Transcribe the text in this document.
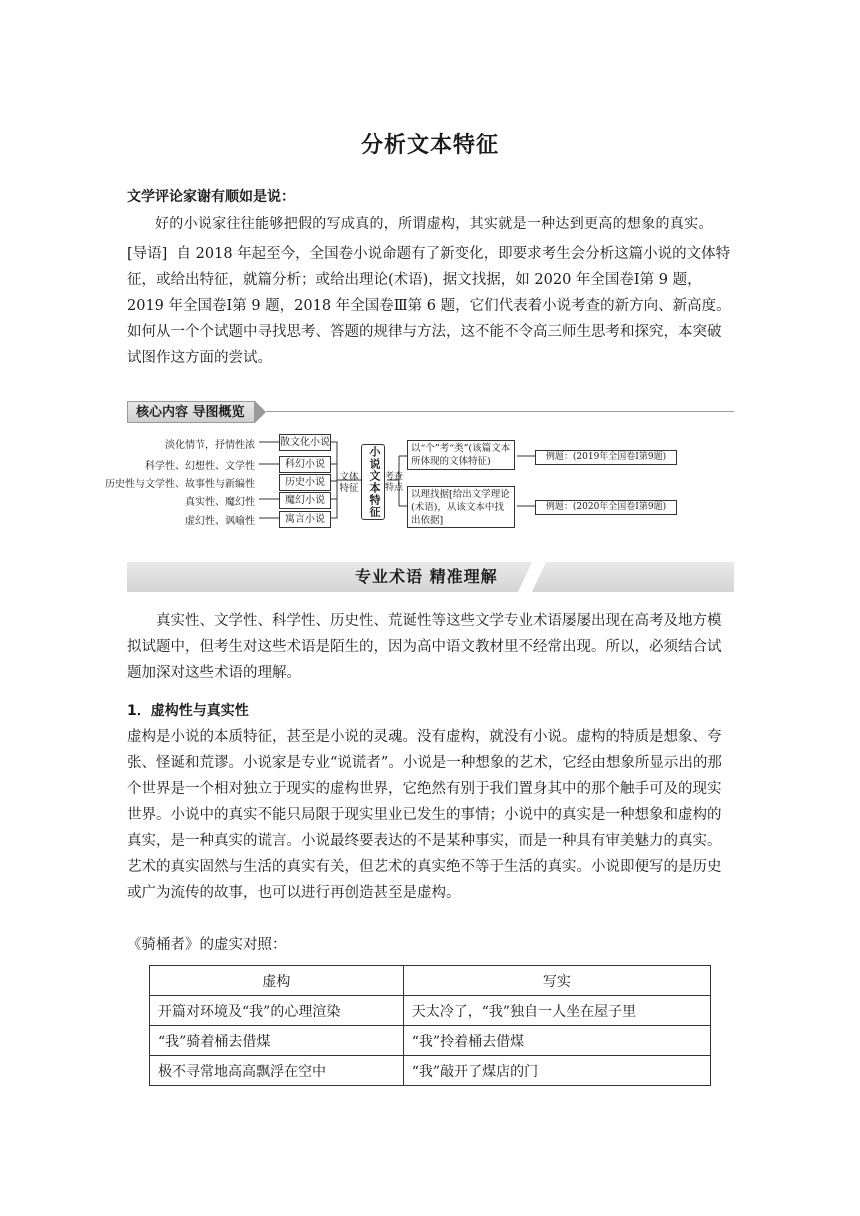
分析文本特征
文学评论家谢有顺如是说：
好的小说家往往能够把假的写成真的，所谓虚构，其实就是一种达到更高的想象的真实。
[导语] 自 2018 年起至今，全国卷小说命题有了新变化，即要求考生会分析这篇小说的文体特征，或给出特征，就篇分析；或给出理论(术语)，据文找据，如 2020 年全国卷Ⅰ第 9 题，2019 年全国卷Ⅰ第 9 题，2018 年全国卷Ⅲ第 6 题，它们代表着小说考查的新方向、新高度。如何从一个个试题中寻找思考、答题的规律与方法，这不能不令高三师生思考和探究，本突破试图作这方面的尝试。
核心内容 导图概览
淡化情节，抒情性浓
科学性、幻想性、文学性
历史性与文学性、故事性与新编性
真实性、魔幻性
虚幻性、讽喻性
散文化小说
科幻小说
历史小说
魔幻小说
寓言小说
文体特征 小说文本特征 考查特点
以“个”考“类”(该篇文本所体现的文体特征)
以理找据[给出文学理论(术语)，从该文本中找出依据]
例题：(2019年全国卷Ⅰ第9题)
例题：(2020年全国卷Ⅰ第9题)
专业术语 精准理解
真实性、文学性、科学性、历史性、荒诞性等这些文学专业术语屡屡出现在高考及地方模拟试题中，但考生对这些术语是陌生的，因为高中语文教材里不经常出现。所以，必须结合试题加深对这些术语的理解。
1．虚构性与真实性
虚构是小说的本质特征，甚至是小说的灵魂。没有虚构，就没有小说。虚构的特质是想象、夸张、怪诞和荒谬。小说家是专业“说谎者”。小说是一种想象的艺术，它经由想象所显示出的那个世界是一个相对独立于现实的虚构世界，它绝然有别于我们置身其中的那个触手可及的现实世界。小说中的真实不能只局限于现实里业已发生的事情；小说中的真实是一种想象和虚构的真实，是一种真实的谎言。小说最终要表达的不是某种事实，而是一种具有审美魅力的真实。艺术的真实固然与生活的真实有关，但艺术的真实绝不等于生活的真实。小说即便写的是历史或广为流传的故事，也可以进行再创造甚至是虚构。
《骑桶者》的虚实对照：
虚构	写实
开篇对环境及“我”的心理渲染	天太冷了，“我”独自一人坐在屋子里
“我”骑着桶去借煤	“我”拎着桶去借煤
极不寻常地高高飘浮在空中	“我”敲开了煤店的门
